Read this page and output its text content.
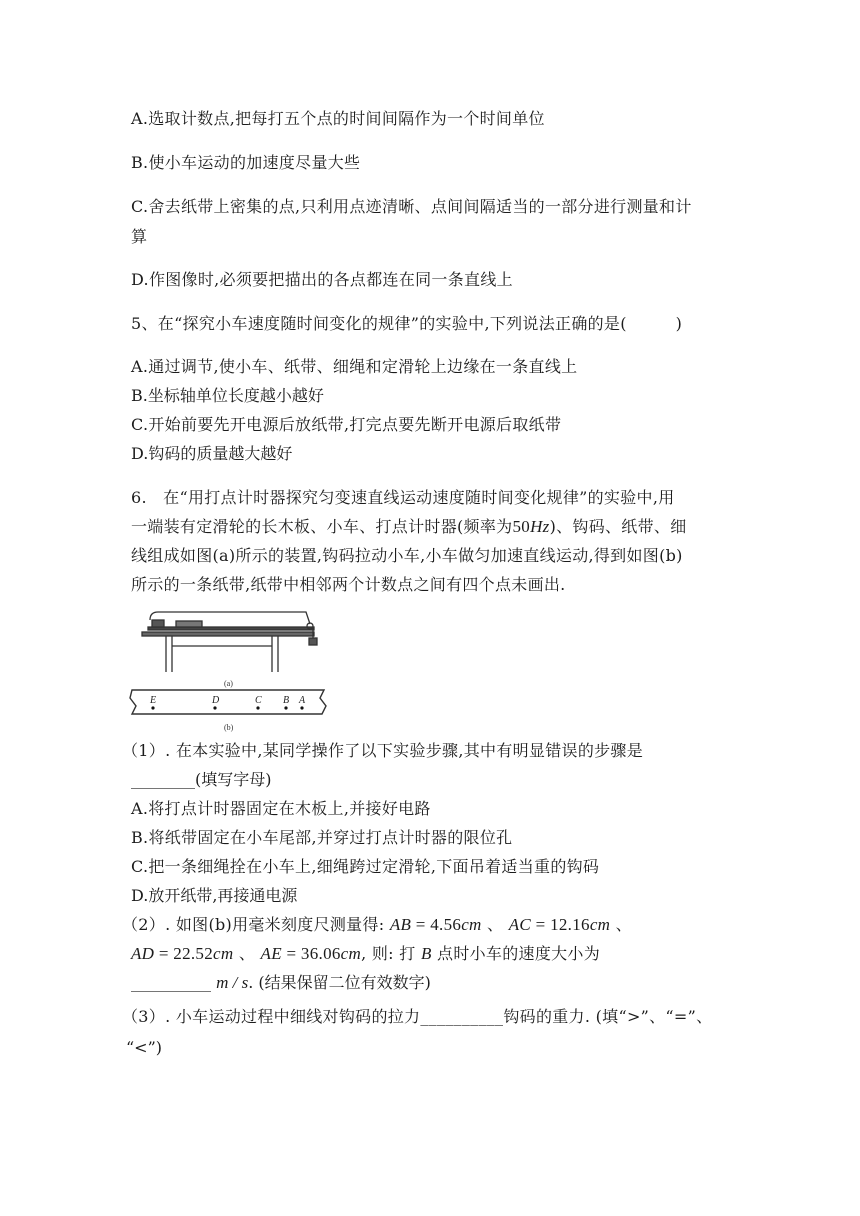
A.选取计数点,把每打五个点的时间间隔作为一个时间单位
B.使小车运动的加速度尽量大些
C.舍去纸带上密集的点,只利用点迹清晰、点间间隔适当的一部分进行测量和计
算
D.作图像时,必须要把描出的各点都连在同一条直线上
5、在“探究小车速度随时间变化的规律”的实验中,下列说法正确的是(　　　)
A.通过调节,使小车、纸带、细绳和定滑轮上边缘在一条直线上
B.坐标轴单位长度越小越好
C.开始前要先开电源后放纸带,打完点要先断开电源后取纸带
D.钩码的质量越大越好
6.　在“用打点计时器探究匀变速直线运动速度随时间变化规律”的实验中,用
一端装有定滑轮的长木板、小车、打点计时器(频率为50Hz)、钩码、纸带、细
线组成如图(a)所示的装置,钩码拉动小车,小车做匀加速直线运动,得到如图(b)
所示的一条纸带,纸带中相邻两个计数点之间有四个点未画出.
(a)
E	D	C B A
(b)
（1）. 在本实验中,某同学操作了以下实验步骤,其中有明显错误的步骤是
________(填写字母)
A.将打点计时器固定在木板上,并接好电路
B.将纸带固定在小车尾部,并穿过打点计时器的限位孔
C.把一条细绳拴在小车上,细绳跨过定滑轮,下面吊着适当重的钩码
D.放开纸带,再接通电源
（2）. 如图(b)用毫米刻度尺测量得: AB = 4.56cm 、 AC = 12.16cm 、
AD = 22.52cm 、 AE = 36.06cm, 则: 打 B 点时小车的速度大小为
__________ m / s. (结果保留二位有效数字)
（3）. 小车运动过程中细线对钩码的拉力__________钩码的重力. (填“>”、“=”、
“<”)
